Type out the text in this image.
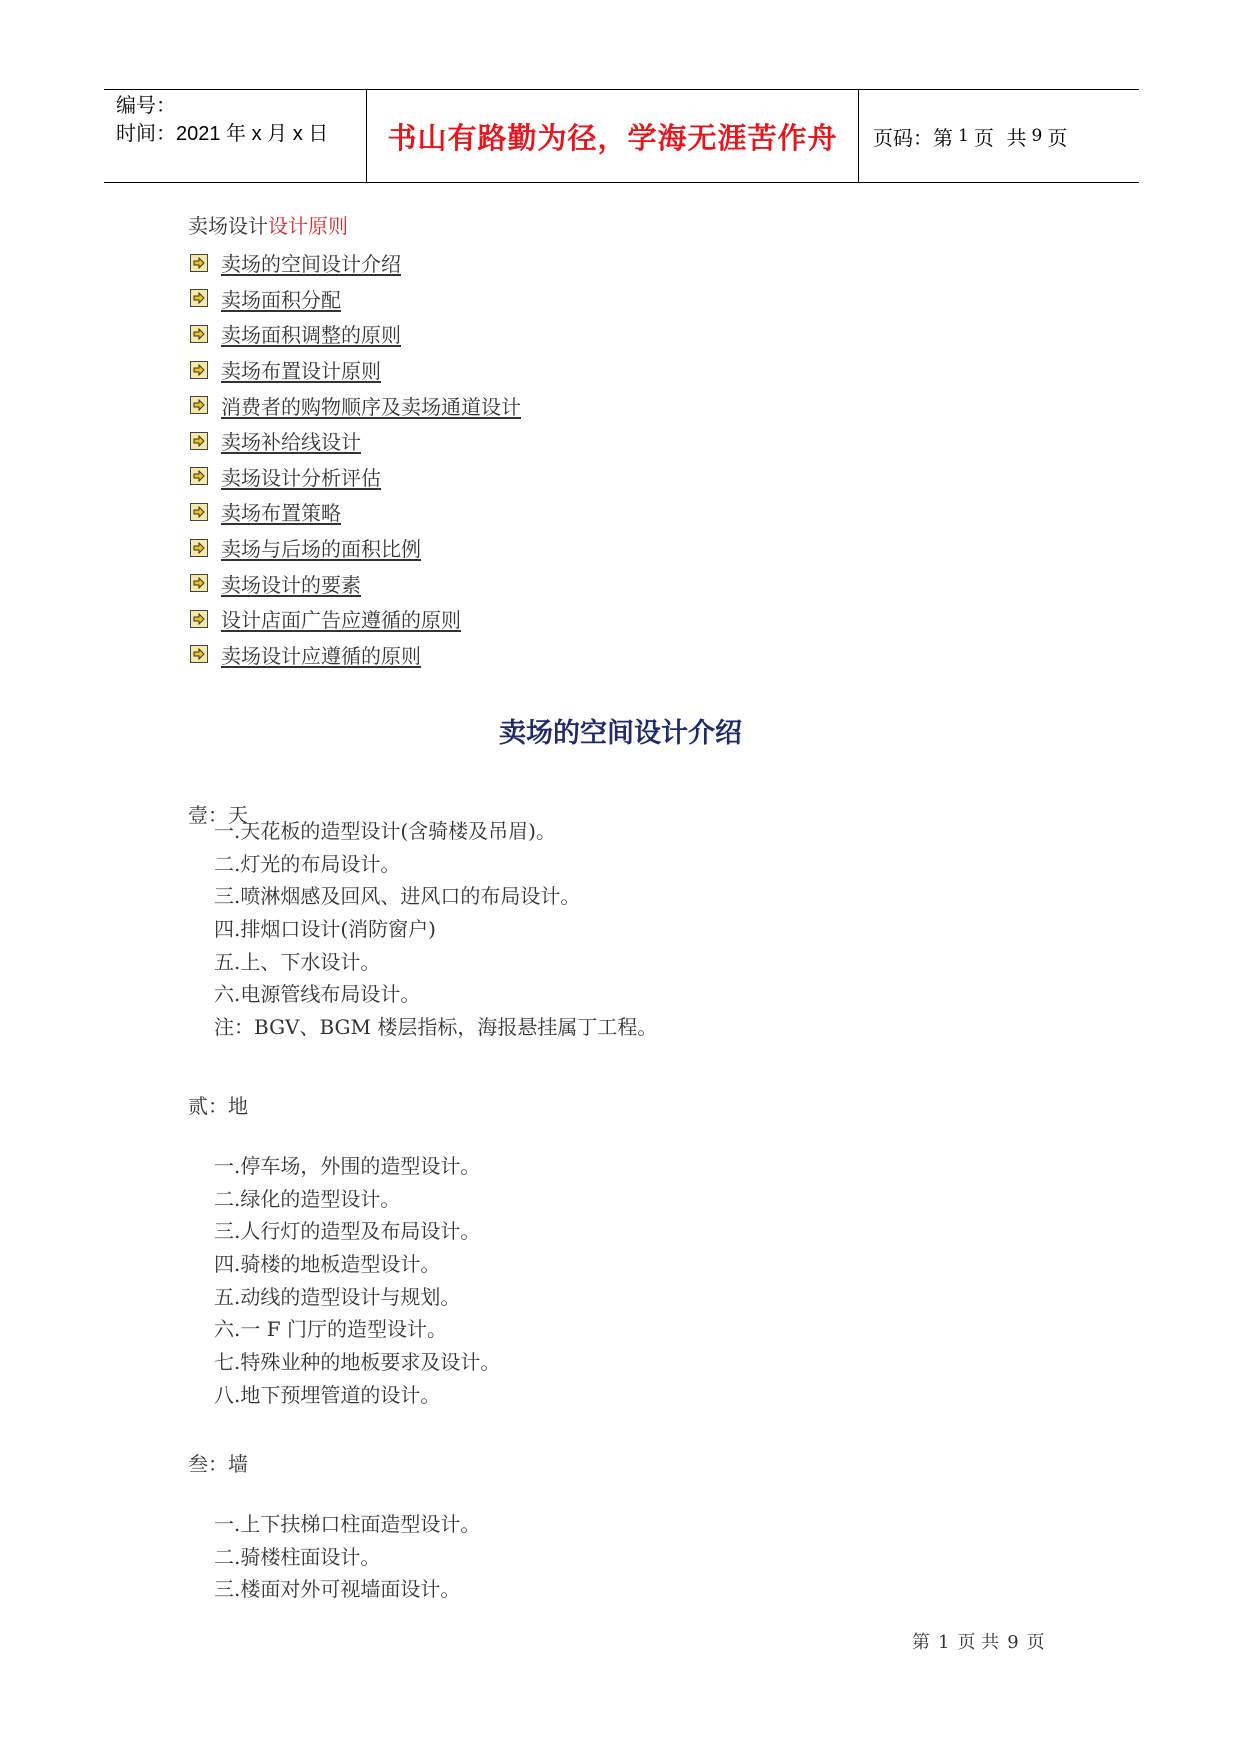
编号：
时间：2021 年 x 月 x 日	书山有路勤为径，学海无涯苦作舟	页码：第 1 页  共 9 页
卖场设计设计原则
卖场的空间设计介绍
卖场面积分配
卖场面积调整的原则
卖场布置设计原则
消费者的购物顺序及卖场通道设计
卖场补给线设计
卖场设计分析评估
卖场布置策略
卖场与后场的面积比例
卖场设计的要素
设计店面广告应遵循的原则
卖场设计应遵循的原则
卖场的空间设计介绍
壹：天
一.天花板的造型设计(含骑楼及吊眉)。
二.灯光的布局设计。
三.喷淋烟感及回风、进风口的布局设计。
四.排烟口设计(消防窗户)
五.上、下水设计。
六.电源管线布局设计。
注：BGV、BGM 楼层指标，海报悬挂属丁工程。
贰：地
一.停车场，外围的造型设计。
二.绿化的造型设计。
三.人行灯的造型及布局设计。
四.骑楼的地板造型设计。
五.动线的造型设计与规划。
六.一 F 门厅的造型设计。
七.特殊业种的地板要求及设计。
八.地下预埋管道的设计。
叁：墙
一.上下扶梯口柱面造型设计。
二.骑楼柱面设计。
三.楼面对外可视墙面设计。
第 1 页 共 9 页
